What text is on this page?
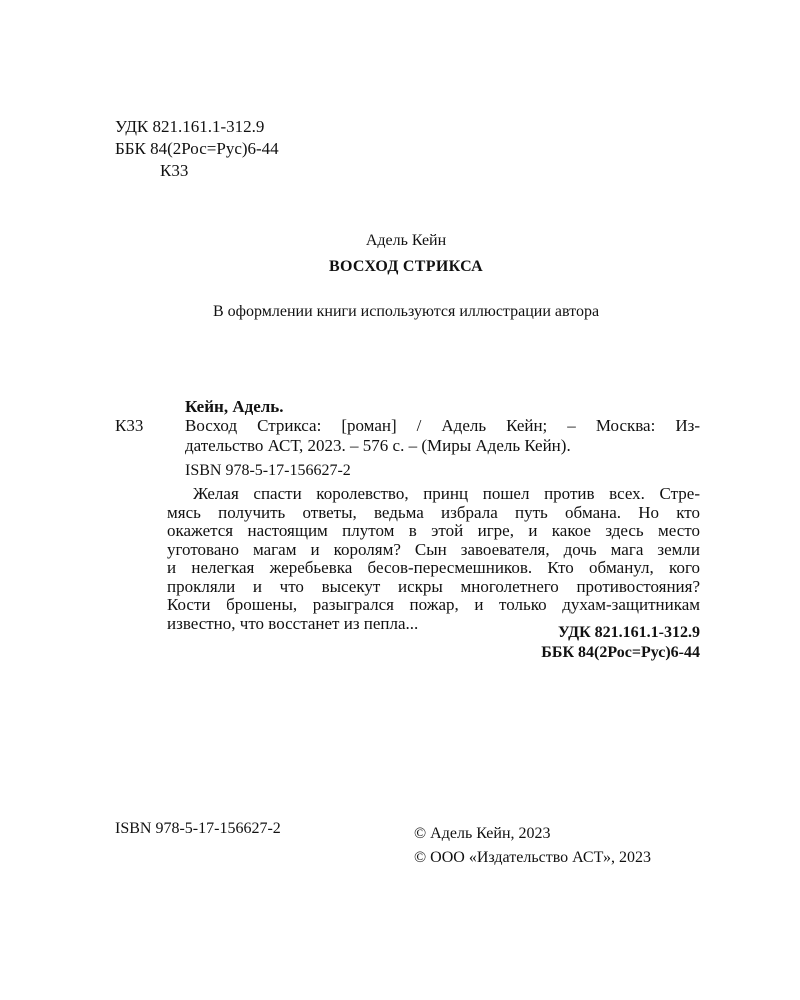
УДК 821.161.1-312.9
ББК 84(2Рос=Рус)6-44
К33
Адель Кейн
ВОСХОД СТРИКСА
В оформлении книги используются иллюстрации автора
Кейн, Адель.
К33 Восход Стрикса: [роман] / Адель Кейн; – Москва: Из-
дательство АСТ, 2023. – 576 с. – (Миры Адель Кейн).
ISBN 978-5-17-156627-2
Желая спасти королевство, принц пошел против всех. Стре-
мясь получить ответы, ведьма избрала путь обмана. Но кто
окажется настоящим плутом в этой игре, и какое здесь место
уготовано магам и королям? Сын завоевателя, дочь мага земли
и нелегкая жеребьевка бесов-пересмешников. Кто обманул, кого
прокляли и что высекут искры многолетнего противостояния?
Кости брошены, разыгрался пожар, и только духам-защитникам
известно, что восстанет из пепла...	УДК 821.161.1-312.9
ББК 84(2Рос=Рус)6-44
ISBN 978-5-17-156627-2	© Адель Кейн, 2023
© ООО «Издательство АСТ», 2023
